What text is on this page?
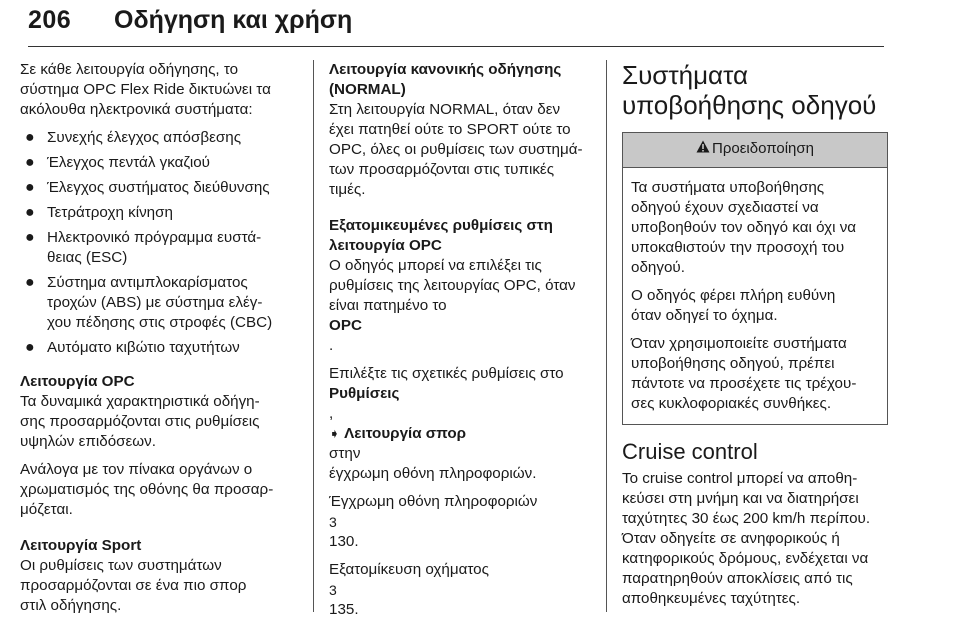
206 Οδήγηση και χρήση

Σε κάθε λειτουργία οδήγησης, το
σύστημα OPC Flex Ride δικτυώνει τα
ακόλουθα ηλεκτρονικά συστήματα:

● Συνεχής έλεγχος απόσβεσης
● Έλεγχος πεντάλ γκαζιού
● Έλεγχος συστήματος διεύθυνσης
● Τετράτροχη κίνηση
● Ηλεκτρονικό πρόγραμμα ευστά-
θειας (ESC)
● Σύστημα αντιμπλοκαρίσματος
τροχών (ABS) με σύστημα ελέγ-
χου πέδησης στις στροφές (CBC)
● Αυτόματο κιβώτιο ταχυτήτων

Λειτουργία OPC
Τα δυναμικά χαρακτηριστικά οδήγη-
σης προσαρμόζονται στις ρυθμίσεις
υψηλών επιδόσεων.

Ανάλογα με τον πίνακα οργάνων ο
χρωματισμός της οθόνης θα προσαρ-
μόζεται.

Λειτουργία Sport
Οι ρυθμίσεις των συστημάτων
προσαρμόζονται σε ένα πιο σπορ
στιλ οδήγησης.

Λειτουργία κανονικής οδήγησης
(NORMAL)
Στη λειτουργία NORMAL, όταν δεν
έχει πατηθεί ούτε το SPORT ούτε το
OPC, όλες οι ρυθμίσεις των συστημά-
των προσαρμόζονται στις τυπικές
τιμές.

Εξατομικευμένες ρυθμίσεις στη
λειτουργία OPC
Ο οδηγός μπορεί να επιλέξει τις
ρυθμίσεις της λειτουργίας OPC, όταν
είναι πατημένο το
OPC
.

Επιλέξτε τις σχετικές ρυθμίσεις στο
Ρυθμίσεις
,
➧ Λειτουργία σπορ
στην
έγχρωμη οθόνη πληροφοριών.

Έγχρωμη οθόνη πληροφοριών
3
130.

Εξατομίκευση οχήματος
3
135.

Συστήματα
υποβοήθησης οδηγού
Προειδοποίηση

Τα συστήματα υποβοήθησης
οδηγού έχουν σχεδιαστεί να
υποβοηθούν τον οδηγό και όχι να
υποκαθιστούν την προσοχή του
οδηγού.

Ο οδηγός φέρει πλήρη ευθύνη
όταν οδηγεί το όχημα.

Όταν χρησιμοποιείτε συστήματα
υποβοήθησης οδηγού, πρέπει
πάντοτε να προσέχετε τις τρέχου-
σες κυκλοφοριακές συνθήκες.

Cruise control

Το cruise control μπορεί να αποθη-
κεύσει στη μνήμη και να διατηρήσει
ταχύτητες 30 έως 200 km/h περίπου.
Όταν οδηγείτε σε ανηφορικούς ή
κατηφορικούς δρόμους, ενδέχεται να
παρατηρηθούν αποκλίσεις από τις
αποθηκευμένες ταχύτητες.
